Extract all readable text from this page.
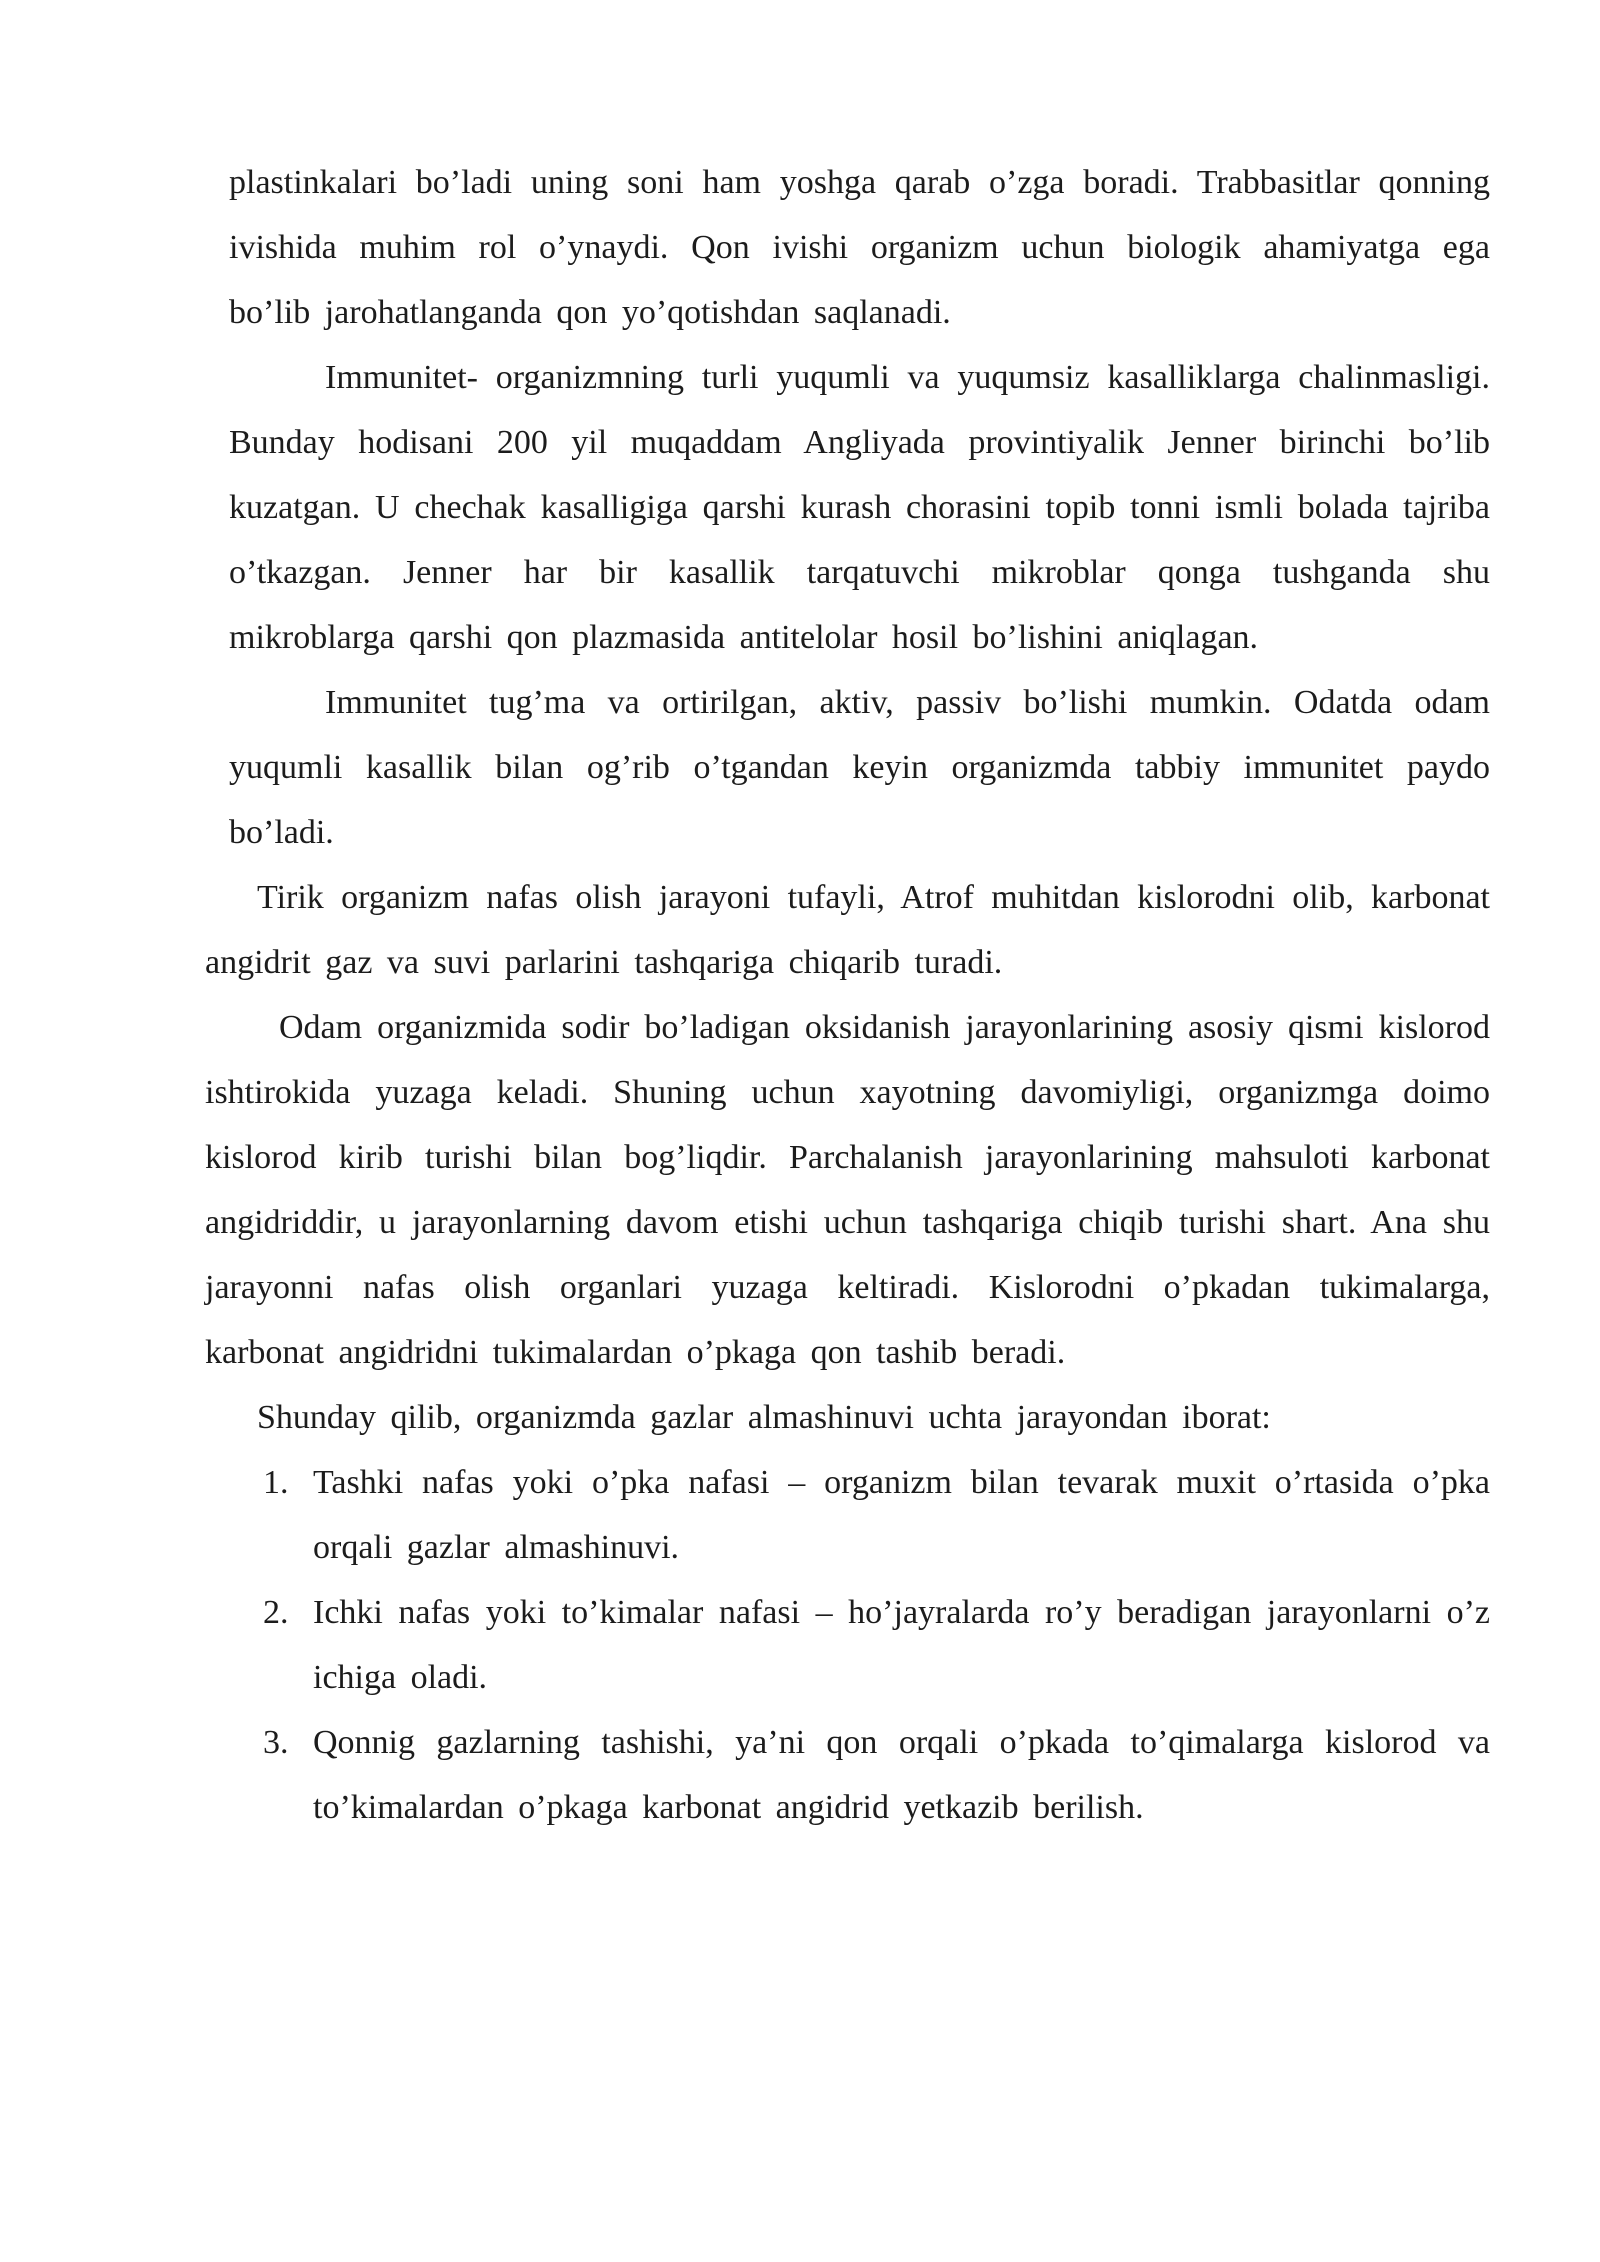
plastinkalari bo’ladi uning soni ham yoshga qarab o’zga boradi. Trabbasitlar qonning ivishida muhim rol o’ynaydi. Qon ivishi organizm uchun biologik ahamiyatga ega bo’lib jarohatlanganda qon yo’qotishdan saqlanadi.

Immunitet- organizmning turli yuqumli va yuqumsiz kasalliklarga chalinmasligi. Bunday hodisani 200 yil muqaddam Angliyada provintiyalik Jenner birinchi bo’lib kuzatgan. U chechak kasalligiga qarshi kurash chorasini topib tonni ismli bolada tajriba o’tkazgan. Jenner har bir kasallik tarqatuvchi mikroblar qonga tushganda shu mikroblarga qarshi qon plazmasida antitelolar hosil bo’lishini aniqlagan.

Immunitet tug’ma va ortirilgan, aktiv, passiv bo’lishi mumkin. Odatda odam yuqumli kasallik bilan og’rib o’tgandan keyin organizmda tabbiy immunitet paydo bo’ladi.

Tirik organizm nafas olish jarayoni tufayli, Atrof muhitdan kislorodni olib, karbonat angidrit gaz va suvi parlarini tashqariga chiqarib turadi.

Odam organizmida sodir bo’ladigan oksidanish jarayonlarining asosiy qismi kislorod ishtirokida yuzaga keladi. Shuning uchun xayotning davomiyligi, organizmga doimo kislorod kirib turishi bilan bog’liqdir. Parchalanish jarayonlarining mahsuloti karbonat angidriddir, u jarayonlarning davom etishi uchun tashqariga chiqib turishi shart. Ana shu jarayonni nafas olish organlari yuzaga keltiradi. Kislorodni o’pkadan tukimalarga, karbonat angidridni tukimalardan o’pkaga qon tashib beradi.

Shunday qilib, organizmda gazlar almashinuvi uchta jarayondan iborat:

1. Tashki nafas yoki o’pka nafasi – organizm bilan tevarak muxit o’rtasida o’pka orqali gazlar almashinuvi.
2. Ichki nafas yoki to’kimalar nafasi – ho’jayralarda ro’y beradigan jarayonlarni o’z ichiga oladi.
3. Qonnig gazlarning tashishi, ya’ni qon orqali o’pkada to’qimalarga kislorod va to’kimalardan o’pkaga karbonat angidrid yetkazib berilish.
